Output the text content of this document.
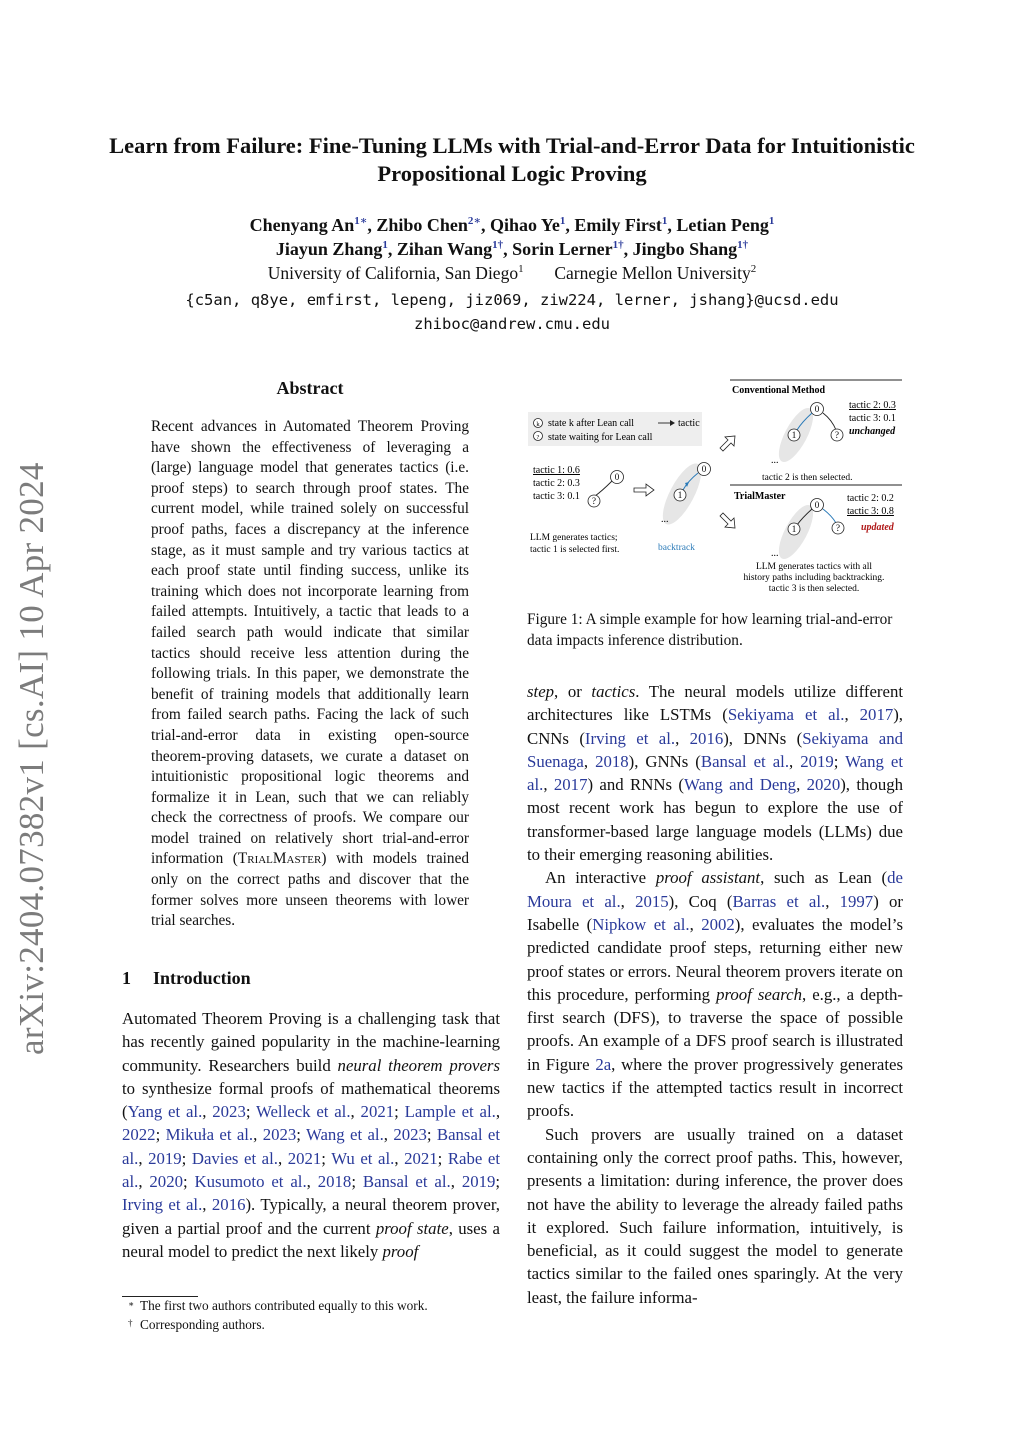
Learn from Failure: Fine-Tuning LLMs with Trial-and-Error Data for Intuitionistic Propositional Logic Proving
Chenyang $An^{1∗}$, Zhibo Chen$^{2∗}$, Qihao Ye$^1$, Emily First$^1$, Letian Peng$^1$
Jiayun Zhang$^1$, Zihan Wang$^{1\dagger}$, Sorin Lerner$^{1\dagger}$, Jingbo Shang$^{1\dagger}$
University of California, San Diego$^1$ Carnegie Mellon University$^2$
{c5an, q8ye, emfirst, lepeng, jiz069, ziw224, lerner, jshang}@ucsd.edu
zhiboc@andrew.cmu.edu
arXiv:2404.07382v1 [cs.AI] 10 Apr 2024
Abstract
Recent advances in Automated Theorem Proving have shown the effectiveness of leveraging a (large) language model that generates tactics (i.e. proof steps) to search through proof states. The current model, while trained solely on successful proof paths, faces a discrepancy at the inference stage, as it must sample and try various tactics at each proof state until finding success, unlike its training which does not incorporate learning from failed attempts. Intuitively, a tactic that leads to a failed search path would indicate that similar tactics should receive less attention during the following trials. In this paper, we demonstrate the benefit of training models that additionally learn from failed search paths. Facing the lack of such trial-and-error data in existing open-source theorem-proving datasets, we curate a dataset on intuitionistic propositional logic theorems and formalize it in Lean, such that we can reliably check the correctness of proofs. We compare our model trained on relatively short trial-and-error information (TrialMaster) with models trained only on the correct paths and discover that the former solves more unseen theorems with lower trial searches.
1 Introduction

Automated Theorem Proving is a challenging task that has recently gained popularity in the machine-learning community. Researchers build neural theorem provers to synthesize formal proofs of mathematical theorems (Yang et al., 2023; Welleck et al., 2021; Lample et al., 2022; Mikuła et al., 2023; Wang et al., 2023; Bansal et al., 2019; Davies et al., 2021; Wu et al., 2021; Rabe et al., 2020; Kusumoto et al., 2018; Bansal et al., 2019; Irving et al., 2016). Typically, a neural theorem prover, given a partial proof and the current proof state, uses a neural model to predict the next likely proof

∗ The first two authors contributed equally to this work.
† Corresponding authors.
k state k after Lean call	tactic
? state waiting for Lean call
tactic 1: 0.6
tactic 2: 0.3
tactic 3: 0.1
0
?
LLM generates tactics;
tactic 1 is selected first.
0
1
...
backtrack
Conventional Method
0
1	?
...
tactic 2: 0.3
tactic 3: 0.1
unchanged
tactic 2 is then selected.
TrialMaster
0
1	?
...
tactic 2: 0.2
tactic 3: 0.8
updated
LLM generates tactics with all
history paths including backtracking.
tactic 3 is then selected.
Figure 1: A simple example for how learning trial-and-error data impacts inference distribution.

step, or tactics. The neural models utilize different architectures like LSTMs (Sekiyama et al., 2017), CNNs (Irving et al., 2016), DNNs (Sekiyama and Suenaga, 2018), GNNs (Bansal et al., 2019; Wang et al., 2017) and RNNs (Wang and Deng, 2020), though most recent work has begun to explore the use of transformer-based large language models (LLMs) due to their emerging reasoning abilities.

An interactive proof assistant, such as Lean (de Moura et al., 2015), Coq (Barras et al., 1997) or Isabelle (Nipkow et al., 2002), evaluates the model’s predicted candidate proof steps, returning either new proof states or errors. Neural theorem provers iterate on this procedure, performing proof search, e.g., a depth-first search (DFS), to traverse the space of possible proofs. An example of a DFS proof search is illustrated in Figure 2a, where the prover progressively generates new tactics if the attempted tactics result in incorrect proofs.

Such provers are usually trained on a dataset containing only the correct proof paths. This, however, presents a limitation: during inference, the prover does not have the ability to leverage the already failed paths it explored. Such failure information, intuitively, is beneficial, as it could suggest the model to generate tactics similar to the failed ones sparingly. At the very least, the failure informa-
